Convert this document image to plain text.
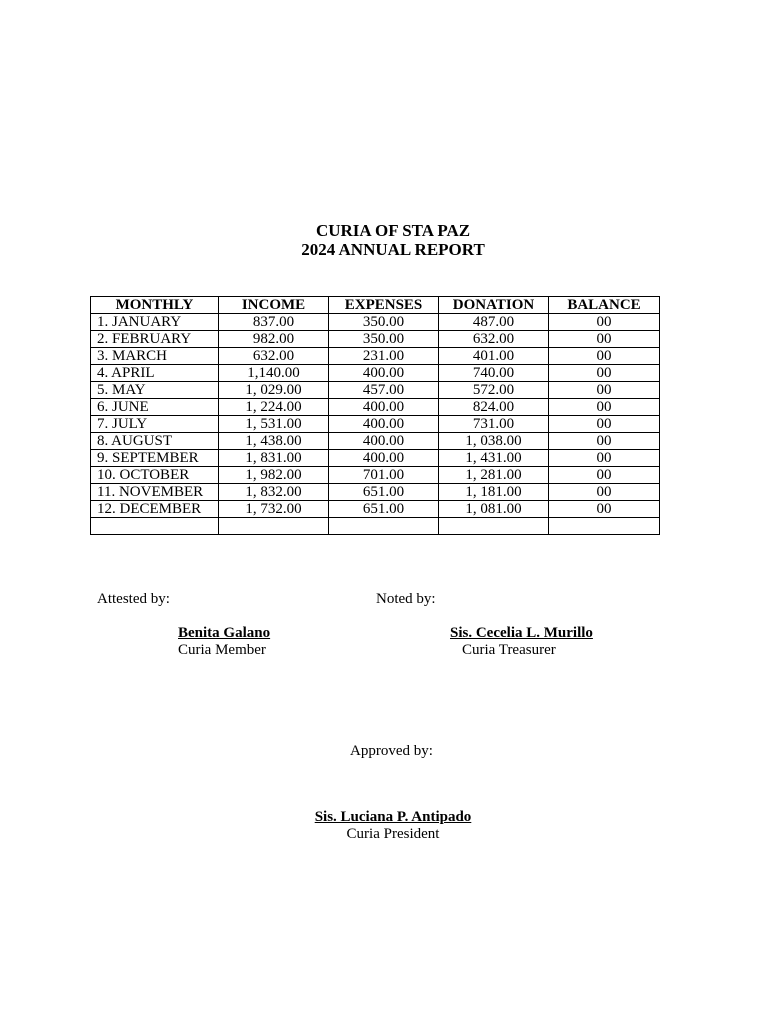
CURIA OF STA PAZ
2024 ANNUAL REPORT
MONTHLY	INCOME	EXPENSES	DONATION	BALANCE
1. JANUARY	837.00	350.00	487.00	00
2. FEBRUARY	982.00	350.00	632.00	00
3. MARCH	632.00	231.00	401.00	00
4. APRIL	1,140.00	400.00	740.00	00
5. MAY	1, 029.00	457.00	572.00	00
6. JUNE	1, 224.00	400.00	824.00	00
7. JULY	1, 531.00	400.00	731.00	00
8. AUGUST	1, 438.00	400.00	1, 038.00	00
9. SEPTEMBER	1, 831.00	400.00	1, 431.00	00
10. OCTOBER	1, 982.00	701.00	1, 281.00	00
11. NOVEMBER	1, 832.00	651.00	1, 181.00	00
12. DECEMBER	1, 732.00	651.00	1, 081.00	00

Attested by:	Noted by:
Benita Galano
Curia Member
Sis. Cecelia L. Murillo
Curia Treasurer
Approved by:
Sis. Luciana P. Antipado
Curia President
